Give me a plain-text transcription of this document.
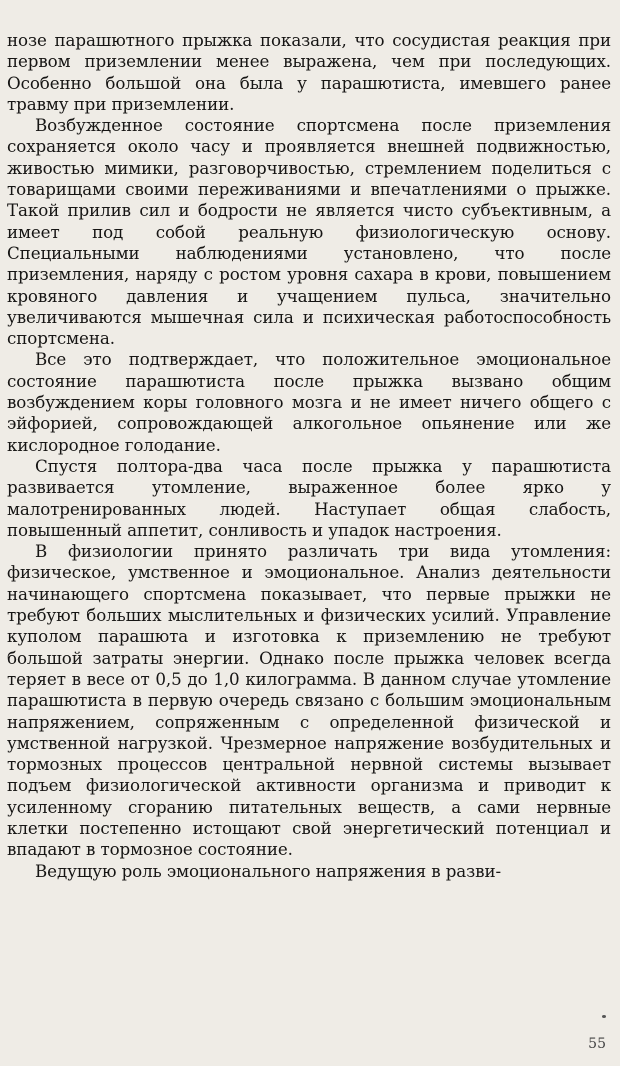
нозе парашютного прыжка показали, что сосудистая реакция при первом приземлении менее выражена, чем при последующих. Особенно большой она была у парашютиста, имевшего ранее травму при приземлении.

Возбужденное состояние спортсмена после приземления сохраняется около часу и проявляется внешней подвижностью, живостью мимики, разговорчивостью, стремлением поделиться с товарищами своими переживаниями и впечатлениями о прыжке. Такой прилив сил и бодрости не является чисто субъективным, а имеет под собой реальную физиологическую основу. Специальными наблюдениями установлено, что после приземления, наряду с ростом уровня сахара в крови, повышением кровяного давления и учащением пульса, значительно увеличиваются мышечная сила и психическая работоспособность спортсмена.

Все это подтверждает, что положительное эмоциональное состояние парашютиста после прыжка вызвано общим возбуждением коры головного мозга и не имеет ничего общего с эйфорией, сопровождающей алкогольное опьянение или же кислородное голодание.

Спустя полтора-два часа после прыжка у парашютиста развивается утомление, выраженное более ярко у малотренированных людей. Наступает общая слабость, повышенный аппетит, сонливость и упадок настроения.

В физиологии принято различать три вида утомления: физическое, умственное и эмоциональное. Анализ деятельности начинающего спортсмена показывает, что первые прыжки не требуют больших мыслительных и физических усилий. Управление куполом парашюта и изготовка к приземлению не требуют большой затраты энергии. Однако после прыжка человек всегда теряет в весе от 0,5 до 1,0 килограмма. В данном случае утомление парашютиста в первую очередь связано с большим эмоциональным напряжением, сопряженным с определенной физической и умственной нагрузкой. Чрезмерное напряжение возбудительных и тормозных процессов центральной нервной системы вызывает подъем физиологической активности организма и приводит к усиленному сгоранию питательных веществ, а сами нервные клетки постепенно истощают свой энергетический потенциал и впадают в тормозное состояние.

Ведущую роль эмоционального напряжения в разви-

55
